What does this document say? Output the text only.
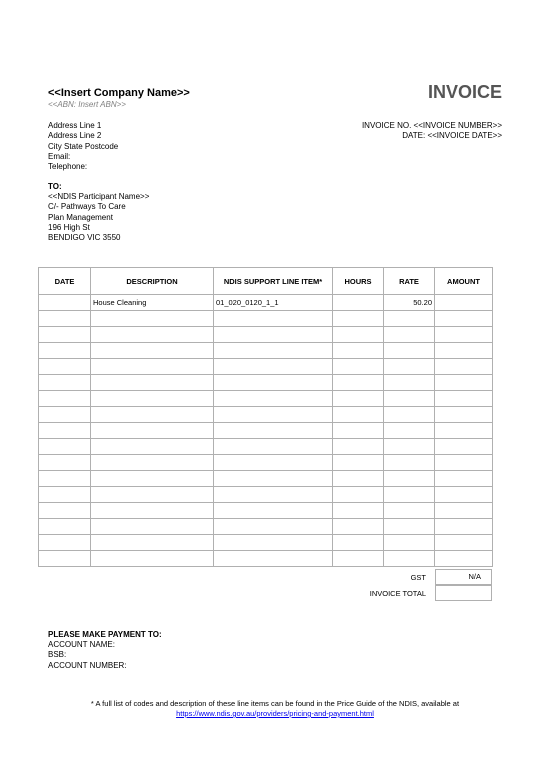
<<Insert Company Name>>
<<ABN: Insert ABN>>
INVOICE
Address Line 1
Address Line 2
City State Postcode
Email:
Telephone:
INVOICE NO. <<INVOICE NUMBER>>
DATE: <<INVOICE DATE>>
TO:
<<NDIS Participant Name>>
C/- Pathways To Care
Plan Management
196 High St
BENDIGO VIC 3550
DATE	DESCRIPTION	NDIS SUPPORT LINE ITEM*	HOURS	RATE	AMOUNT
	House Cleaning	01_020_0120_1_1		50.20	

GST	N/A
INVOICE TOTAL
PLEASE MAKE PAYMENT TO:
ACCOUNT NAME:
BSB:
ACCOUNT NUMBER:
* A full list of codes and description of these line items can be found in the Price Guide of the NDIS, available at
https://www.ndis.gov.au/providers/pricing-and-payment.html
